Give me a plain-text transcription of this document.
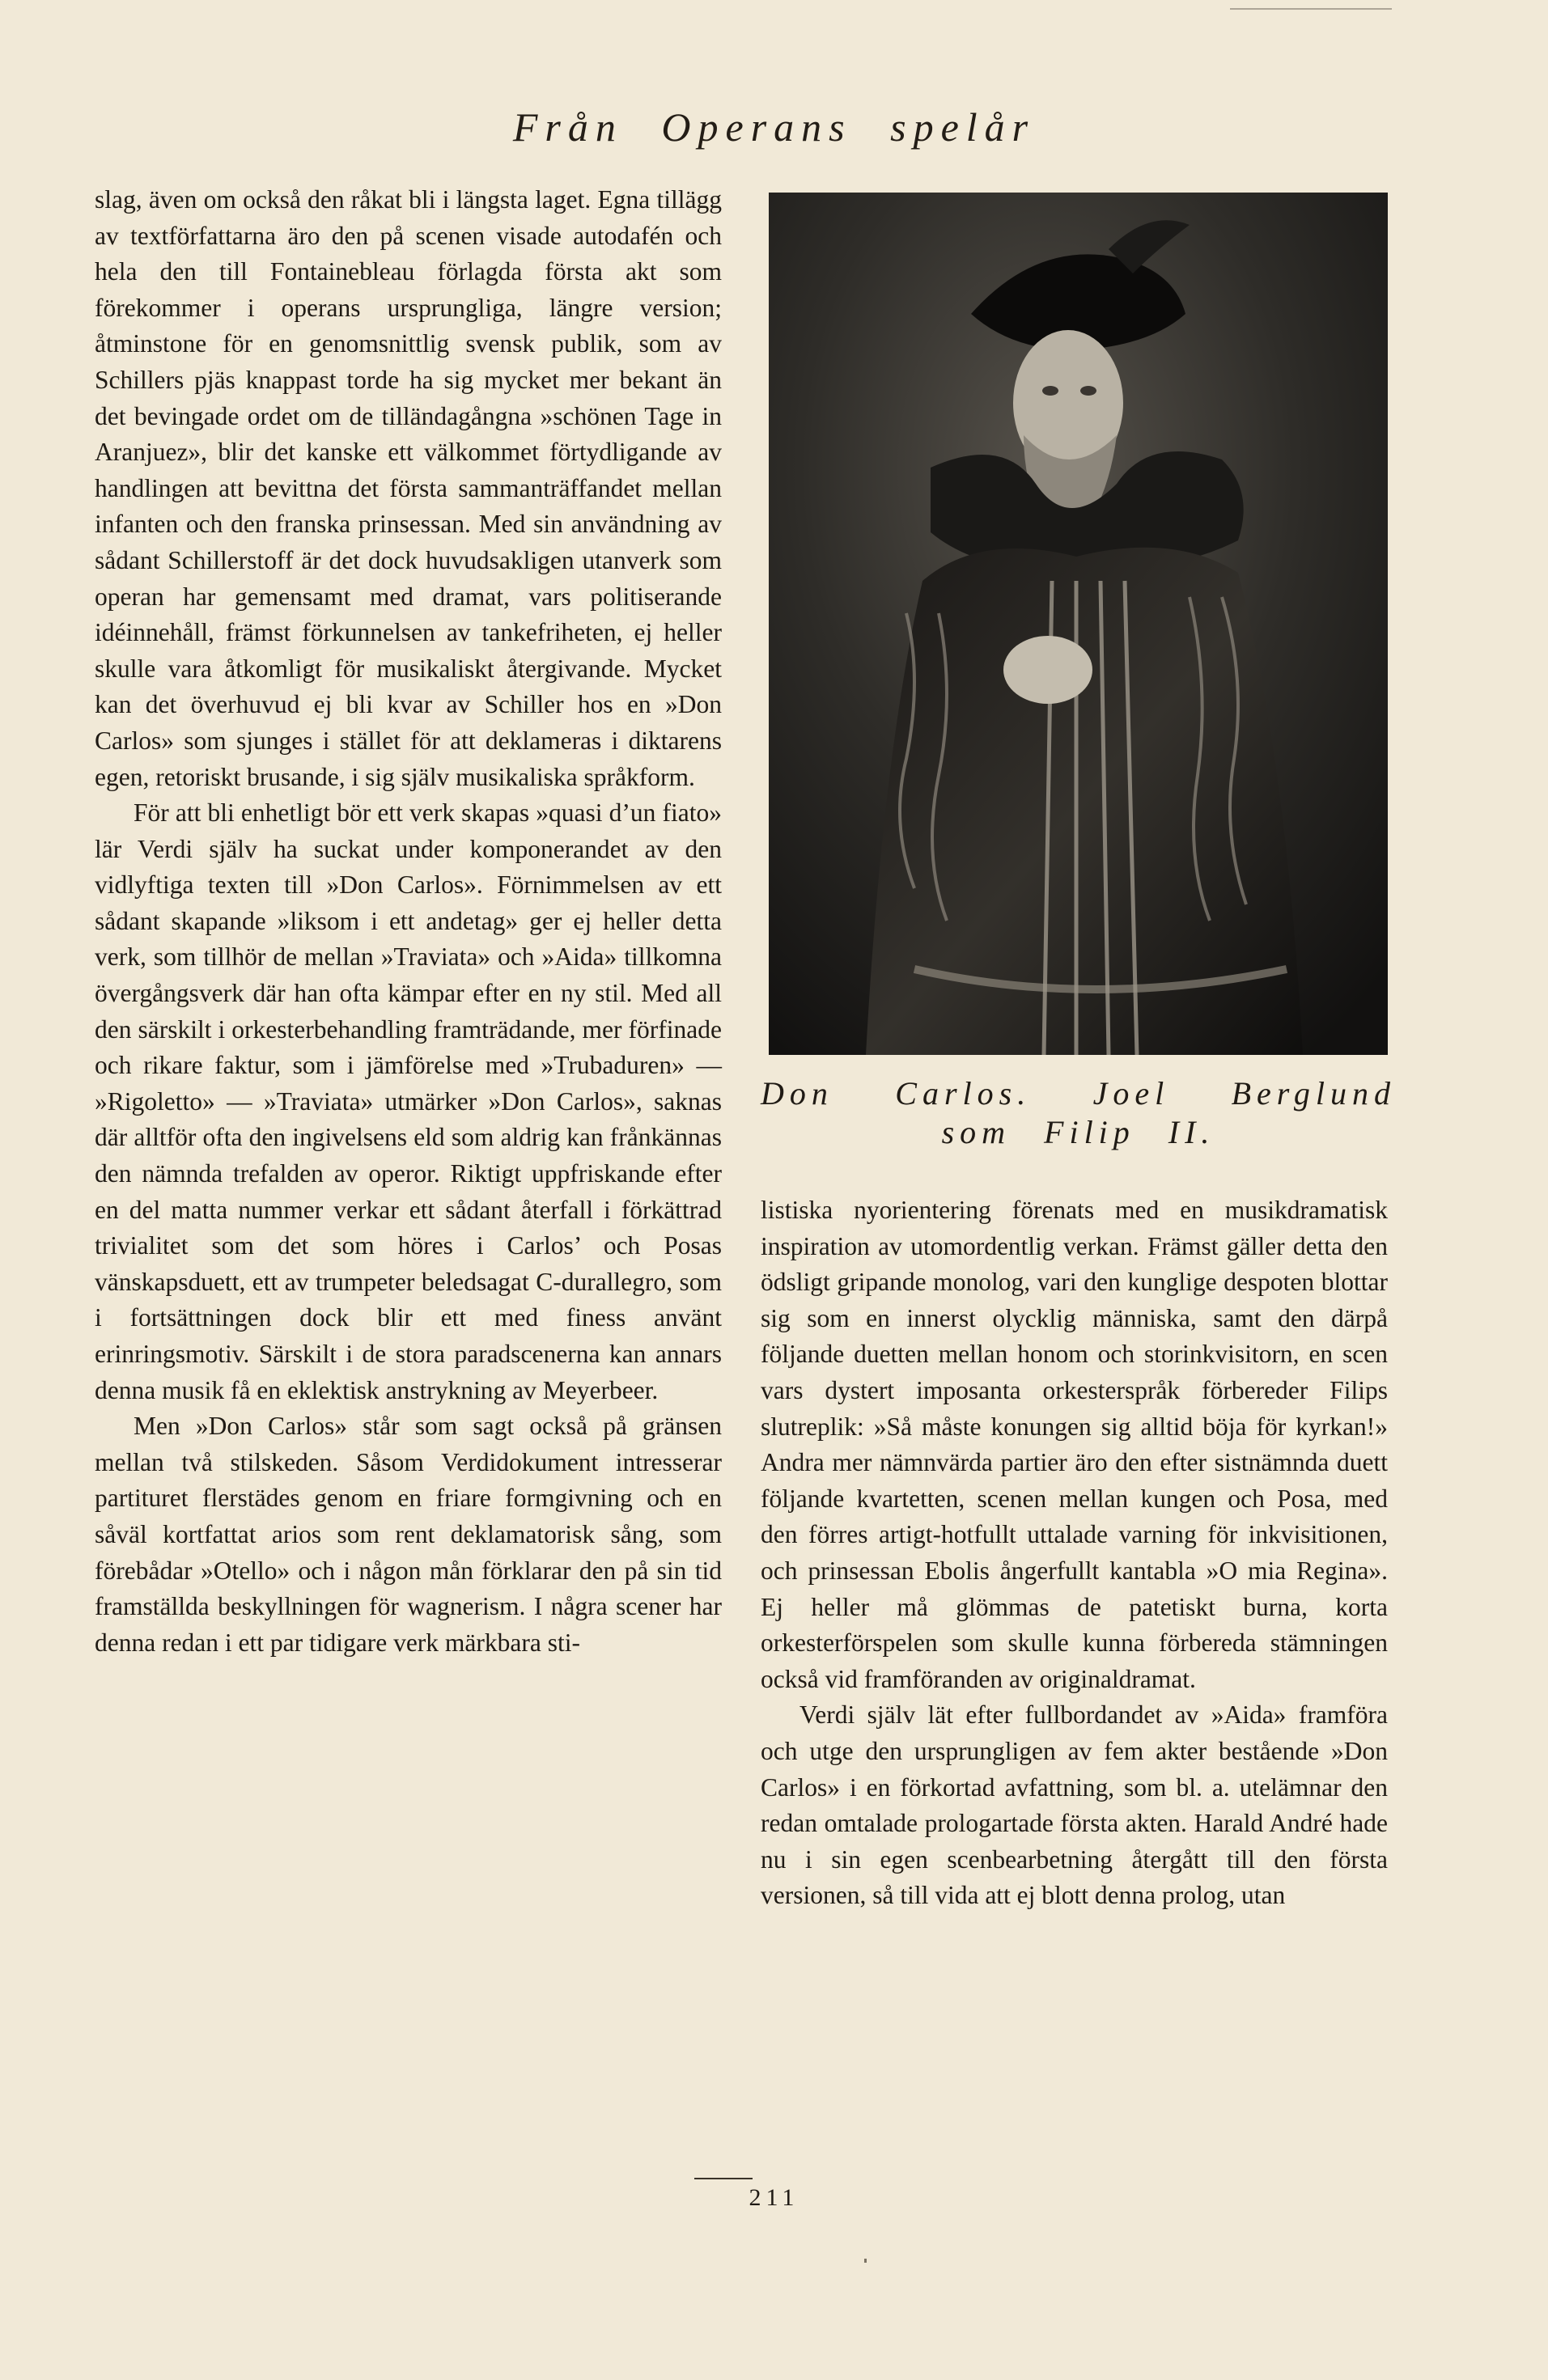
Från Operans spelår

slag, även om också den råkat bli i längsta laget. Egna tillägg av textförfattarna äro den på scenen visade autodafén och hela den till Fontainebleau förlagda första akt som förekommer i operans ursprungliga, längre version; åtminstone för en genomsnittlig svensk publik, som av Schillers pjäs knappast torde ha sig mycket mer bekant än det bevingade ordet om de tilländagångna »schönen Tage in Aranjuez», blir det kanske ett välkommet förtydligande av handlingen att bevittna det första sammanträffandet mellan infanten och den franska prinsessan. Med sin användning av sådant Schillerstoff är det dock huvudsakligen utanverk som operan har gemensamt med dramat, vars politiserande idéinnehåll, främst förkunnelsen av tankefriheten, ej heller skulle vara åtkomligt för musikaliskt återgivande. Mycket kan det överhuvud ej bli kvar av Schiller hos en »Don Carlos» som sjunges i stället för att deklameras i diktarens egen, retoriskt brusande, i sig själv musikaliska språkform.

För att bli enhetligt bör ett verk skapas »quasi d’un fiato» lär Verdi själv ha suckat under komponerandet av den vidlyftiga texten till »Don Carlos». Förnimmelsen av ett sådant skapande »liksom i ett andetag» ger ej heller detta verk, som tillhör de mellan »Traviata» och »Aida» tillkomna övergångsverk där han ofta kämpar efter en ny stil. Med all den särskilt i orkesterbehandling framträdande, mer förfinade och rikare faktur, som i jämförelse med »Trubaduren» — »Rigoletto» — »Traviata» utmärker »Don Carlos», saknas där alltför ofta den ingivelsens eld som aldrig kan frånkännas den nämnda trefalden av operor. Riktigt uppfriskande efter en del matta nummer verkar ett sådant återfall i förkättrad trivialitet som det som höres i Carlos’ och Posas vänskapsduett, ett av trumpeter beledsagat C-durallegro, som i fortsättningen dock blir ett med finess använt erinringsmotiv. Särskilt i de stora paradscenerna kan annars denna musik få en eklektisk anstrykning av Meyerbeer.

Men »Don Carlos» står som sagt också på gränsen mellan två stilskeden. Såsom Verdidokument intresserar partituret flerstädes genom en friare formgivning och en såväl kortfattat arios som rent deklamatorisk sång, som förebådar »Otello» och i någon mån förklarar den på sin tid framställda beskyllningen för wagnerism. I några scener har denna redan i ett par tidigare verk märkbara sti-

Don Carlos. Joel Berglund
som Filip II.

listiska nyorientering förenats med en musikdramatisk inspiration av utomordentlig verkan. Främst gäller detta den ödsligt gripande monolog, vari den kunglige despoten blottar sig som en innerst olycklig människa, samt den därpå följande duetten mellan honom och storinkvisitorn, en scen vars dystert imposanta orkesterspråk förbereder Filips slutreplik: »Så måste konungen sig alltid böja för kyrkan!» Andra mer nämnvärda partier äro den efter sistnämnda duett följande kvartetten, scenen mellan kungen och Posa, med den förres artigt-hotfullt uttalade varning för inkvisitionen, och prinsessan Ebolis ångerfullt kantabla »O mia Regina». Ej heller må glömmas de patetiskt burna, korta orkesterförspelen som skulle kunna förbereda stämningen också vid framföranden av originaldramat.

Verdi själv lät efter fullbordandet av »Aida» framföra och utge den ursprungligen av fem akter bestående »Don Carlos» i en förkortad avfattning, som bl. a. utelämnar den redan omtalade prologartade första akten. Harald André hade nu i sin egen scenbearbetning återgått till den första versionen, så till vida att ej blott denna prolog, utan

211
